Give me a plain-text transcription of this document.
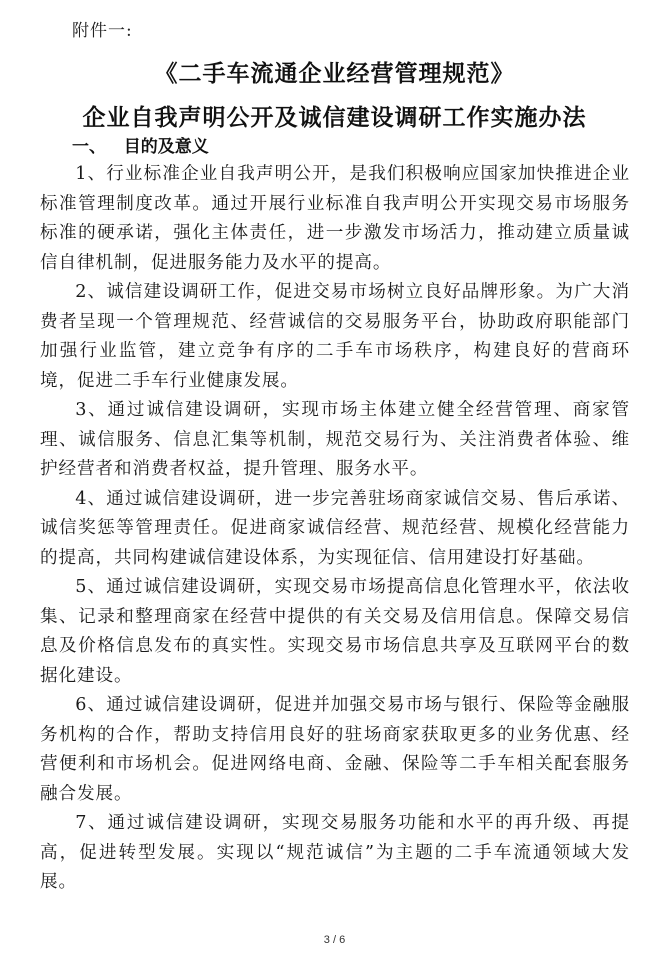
附件一:
《二手车流通企业经营管理规范》
企业自我声明公开及诚信建设调研工作实施办法
一、   目的及意义

1、行业标准企业自我声明公开，是我们积极响应国家加快推进企业标准管理制度改革。通过开展行业标准自我声明公开实现交易市场服务标准的硬承诺，强化主体责任，进一步激发市场活力，推动建立质量诚信自律机制，促进服务能力及水平的提高。

2、诚信建设调研工作，促进交易市场树立良好品牌形象。为广大消费者呈现一个管理规范、经营诚信的交易服务平台，协助政府职能部门加强行业监管，建立竞争有序的二手车市场秩序，构建良好的营商环境，促进二手车行业健康发展。

3、通过诚信建设调研，实现市场主体建立健全经营管理、商家管理、诚信服务、信息汇集等机制，规范交易行为、关注消费者体验、维护经营者和消费者权益，提升管理、服务水平。

4、通过诚信建设调研，进一步完善驻场商家诚信交易、售后承诺、诚信奖惩等管理责任。促进商家诚信经营、规范经营、规模化经营能力的提高，共同构建诚信建设体系，为实现征信、信用建设打好基础。

5、通过诚信建设调研，实现交易市场提高信息化管理水平，依法收集、记录和整理商家在经营中提供的有关交易及信用信息。保障交易信息及价格信息发布的真实性。实现交易市场信息共享及互联网平台的数据化建设。

6、通过诚信建设调研，促进并加强交易市场与银行、保险等金融服务机构的合作，帮助支持信用良好的驻场商家获取更多的业务优惠、经营便利和市场机会。促进网络电商、金融、保险等二手车相关配套服务融合发展。

7、通过诚信建设调研，实现交易服务功能和水平的再升级、再提高，促进转型发展。实现以“规范诚信”为主题的二手车流通领域大发展。

3 / 6
